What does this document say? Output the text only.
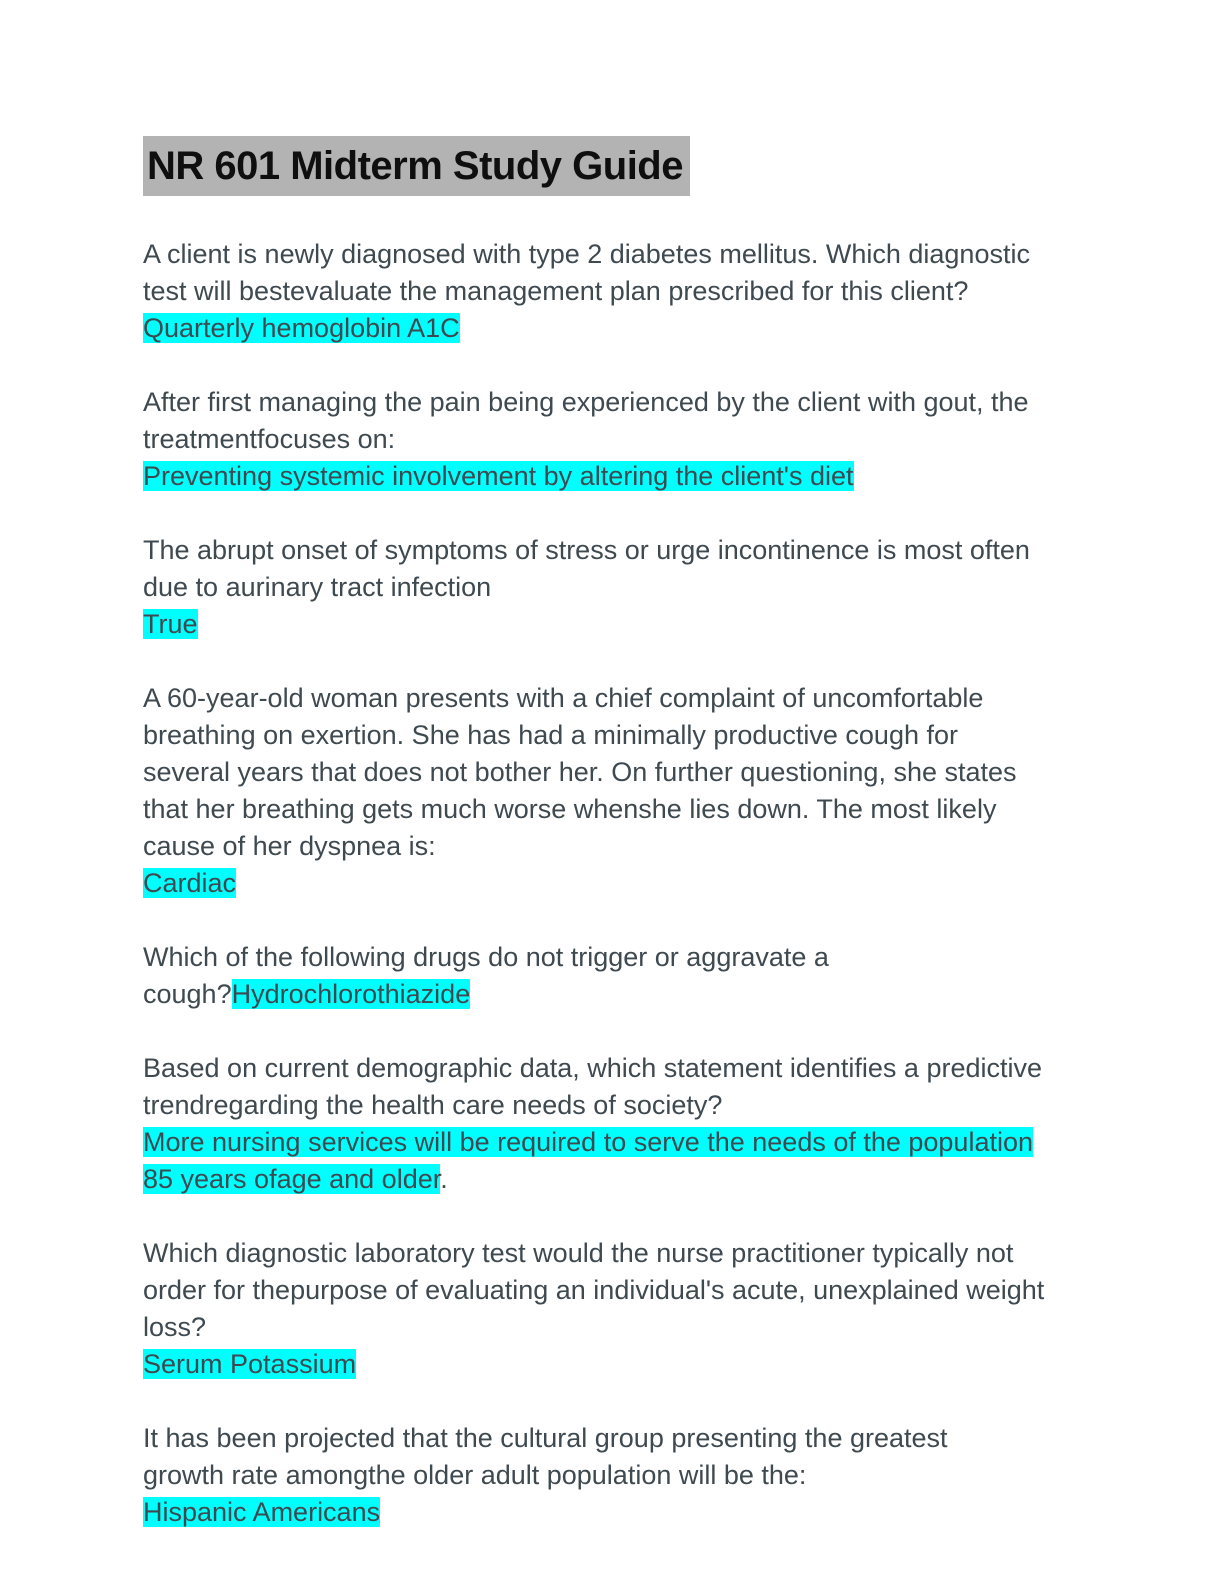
NR 601 Midterm Study Guide

A client is newly diagnosed with type 2 diabetes mellitus. Which diagnostic
test will bestevaluate the management plan prescribed for this client?
Quarterly hemoglobin A1C

After first managing the pain being experienced by the client with gout, the
treatmentfocuses on:
Preventing systemic involvement by altering the client's diet

The abrupt onset of symptoms of stress or urge incontinence is most often
due to aurinary tract infection
True

A 60-year-old woman presents with a chief complaint of uncomfortable
breathing on exertion. She has had a minimally productive cough for
several years that does not bother her. On further questioning, she states
that her breathing gets much worse whenshe lies down. The most likely
cause of her dyspnea is:
Cardiac

Which of the following drugs do not trigger or aggravate a
cough?Hydrochlorothiazide

Based on current demographic data, which statement identifies a predictive
trendregarding the health care needs of society?
More nursing services will be required to serve the needs of the population
85 years ofage and older.

Which diagnostic laboratory test would the nurse practitioner typically not
order for thepurpose of evaluating an individual's acute, unexplained weight
loss?
Serum Potassium

It has been projected that the cultural group presenting the greatest
growth rate amongthe older adult population will be the:
Hispanic Americans
